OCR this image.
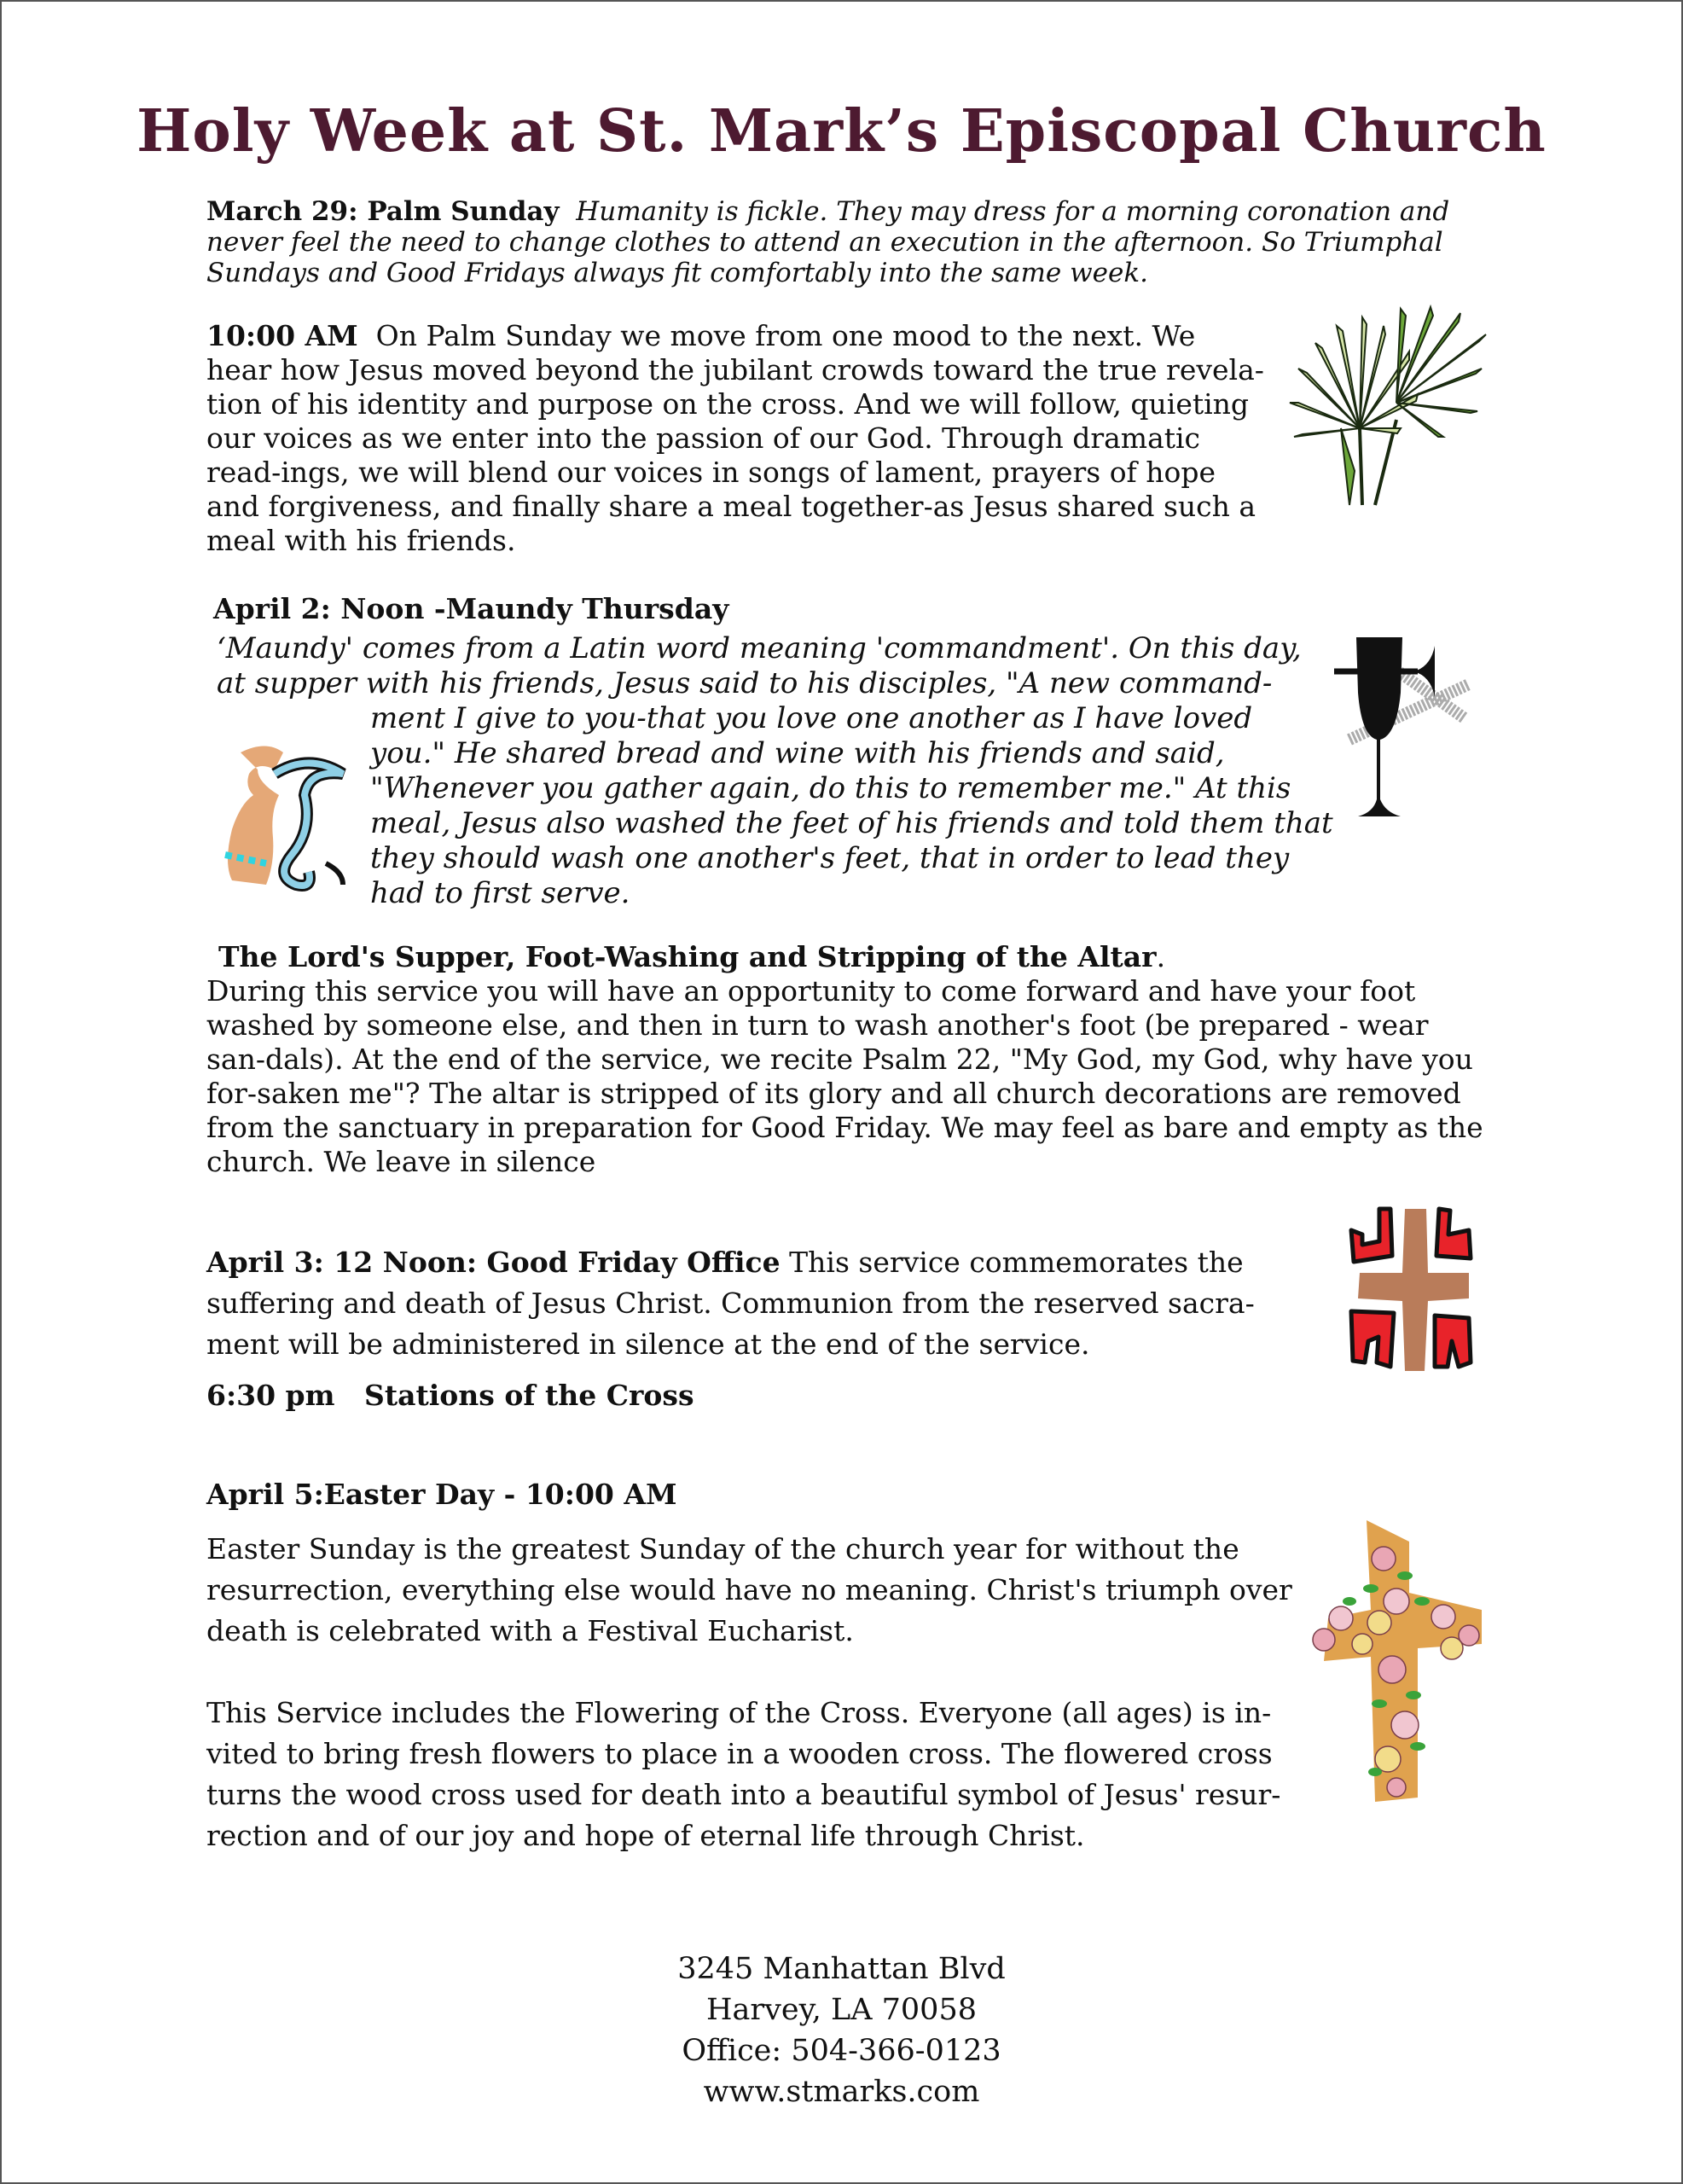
Holy Week at St. Mark’s Episcopal Church
March 29: Palm Sunday Humanity is fickle. They may dress for a morning coronation and never feel the need to change clothes to attend an execution in the afternoon. So Triumphal Sundays and Good Fridays always fit comfortably into the same week.
10:00 AM On Palm Sunday we move from one mood to the next. We hear how Jesus moved beyond the jubilant crowds toward the true revela-tion of his identity and purpose on the cross. And we will follow, quieting our voices as we enter into the passion of our God. Through dramatic read-ings, we will blend our voices in songs of lament, prayers of hope and forgiveness, and finally share a meal together-as Jesus shared such a meal with his friends.
April 2: Noon -Maundy Thursday
‘Maundy' comes from a Latin word meaning 'commandment'. On this day,
at supper with his friends, Jesus said to his disciples, "A new command-
ment I give to you-that you love one another as I have loved
you." He shared bread and wine with his friends and said,
"Whenever you gather again, do this to remember me." At this
meal, Jesus also washed the feet of his friends and told them that
they should wash one another's feet, that in order to lead they
had to first serve.
The Lord's Supper, Foot-Washing and Stripping of the Altar.
During this service you will have an opportunity to come forward and have your foot washed by someone else, and then in turn to wash another's foot (be prepared - wear san-dals). At the end of the service, we recite Psalm 22, "My God, my God, why have you for-saken me"? The altar is stripped of its glory and all church decorations are removed from the sanctuary in preparation for Good Friday. We may feel as bare and empty as the church. We leave in silence
April 3: 12 Noon: Good Friday Office This service commemorates the suffering and death of Jesus Christ. Communion from the reserved sacra-ment will be administered in silence at the end of the service.
6:30 pm Stations of the Cross
April 5:Easter Day - 10:00 AM
Easter Sunday is the greatest Sunday of the church year for without the resurrection, everything else would have no meaning. Christ's triumph over death is celebrated with a Festival Eucharist.
This Service includes the Flowering of the Cross. Everyone (all ages) is in-vited to bring fresh flowers to place in a wooden cross. The flowered cross turns the wood cross used for death into a beautiful symbol of Jesus' resur-rection and of our joy and hope of eternal life through Christ.
3245 Manhattan Blvd
Harvey, LA 70058
Office: 504-366-0123
www.stmarks.com
